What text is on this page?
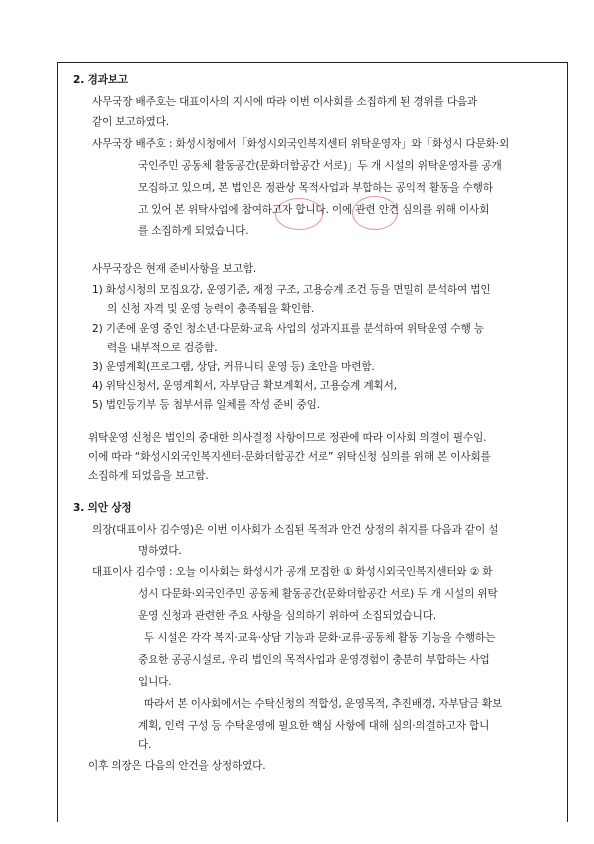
2. 경과보고
사무국장 배주호는 대표이사의 지시에 따라 이번 이사회를 소집하게 된 경위를 다음과
같이 보고하였다.
사무국장 배주호 : 화성시청에서「화성시외국인복지센터 위탁운영자」와「화성시 다문화·외
국인주민 공동체 활동공간(문화더함공간 서로)」두 개 시설의 위탁운영자를 공개
모집하고 있으며, 본 법인은 정관상 목적사업과 부합하는 공익적 활동을 수행하
고 있어 본 위탁사업에 참여하고자 합니다. 이에 관련 안건 심의를 위해 이사회
를 소집하게 되었습니다.
사무국장은 현재 준비사항을 보고함.
1) 화성시청의 모집요강, 운영기준, 재정 구조, 고용승계 조건 등을 면밀히 분석하여 법인
의 신청 자격 및 운영 능력이 충족됨을 확인함.
2) 기존에 운영 중인 청소년·다문화·교육 사업의 성과지표를 분석하여 위탁운영 수행 능
력을 내부적으로 검증함.
3) 운영계획(프로그램, 상담, 커뮤니티 운영 등) 초안을 마련함.
4) 위탁신청서, 운영계획서, 자부담금 확보계획서, 고용승계 계획서,
5) 법인등기부 등 첨부서류 일체를 작성 준비 중임.
위탁운영 신청은 법인의 중대한 의사결정 사항이므로 정관에 따라 이사회 의결이 필수임.
이에 따라 “화성시외국인복지센터·문화더함공간 서로” 위탁신청 심의를 위해 본 이사회를
소집하게 되었음을 보고함.
3. 의안 상정
의장(대표이사 김수영)은 이번 이사회가 소집된 목적과 안건 상정의 취지를 다음과 같이 설
명하였다.
대표이사 김수영 : 오늘 이사회는 화성시가 공개 모집한 ① 화성시외국인복지센터와 ② 화
성시 다문화·외국인주민 공동체 활동공간(문화더함공간 서로) 두 개 시설의 위탁
운영 신청과 관련한 주요 사항을 심의하기 위하여 소집되었습니다.
두 시설은 각각 복지·교육·상담 기능과 문화·교류·공동체 활동 기능을 수행하는
중요한 공공시설로, 우리 법인의 목적사업과 운영경험이 충분히 부합하는 사업
입니다.
따라서 본 이사회에서는 수탁신청의 적합성, 운영목적, 추진배경, 자부담금 확보
계획, 인력 구성 등 수탁운영에 필요한 핵심 사항에 대해 심의·의결하고자 합니
다.
이후 의장은 다음의 안건을 상정하였다.
